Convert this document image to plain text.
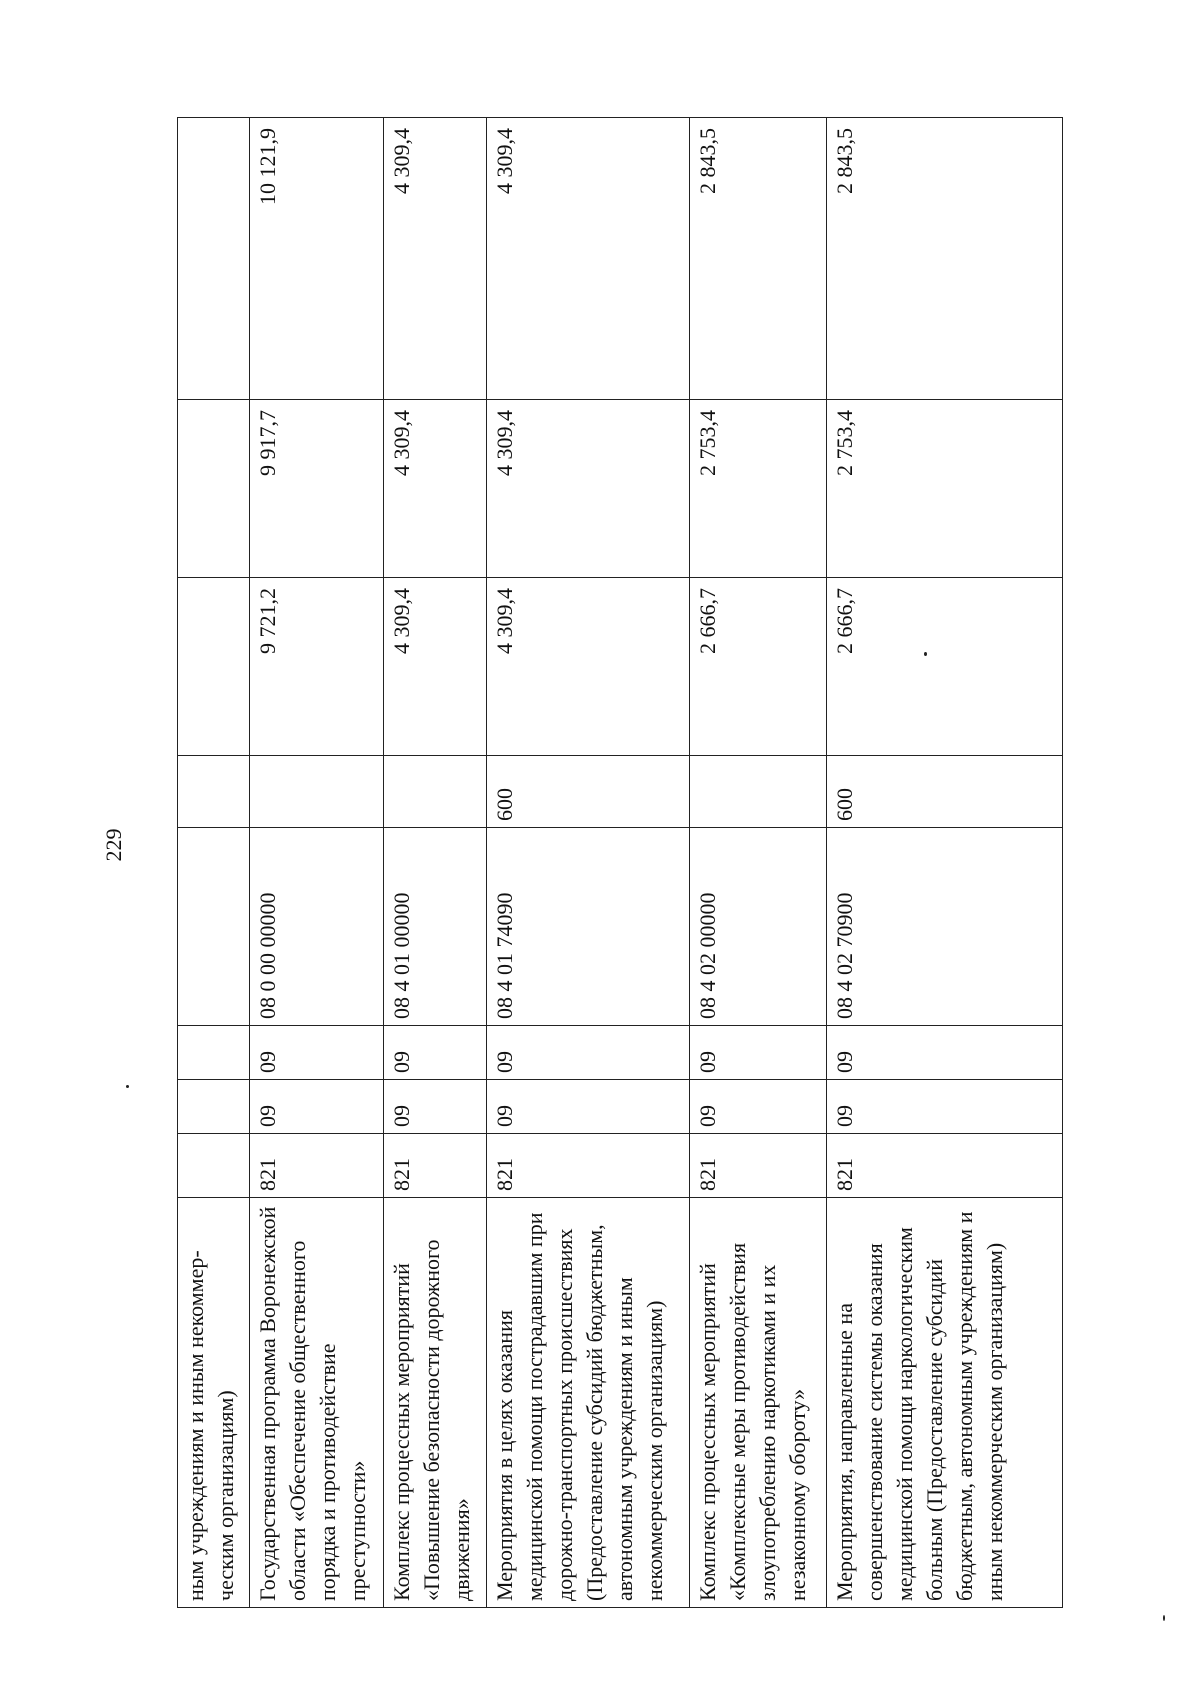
229
ным учреждениям и иным некоммер-ческим организациям)								
Государственная программа Воронежской области «Обеспечение общественного порядка и противодействие преступности»	821	09	09	08 0 00 00000		9 721,2	9 917,7	10 121,9
Комплекс процессных мероприятий «Повышение безопасности дорожного движения»	821	09	09	08 4 01 00000		4 309,4	4 309,4	4 309,4
Мероприятия в целях оказания медицинской помощи пострадавшим при дорожно-транспортных происшествиях (Предоставление субсидий бюджетным, автономным учреждениям и иным некоммерческим организациям)	821	09	09	08 4 01 74090	600	4 309,4	4 309,4	4 309,4
Комплекс процессных мероприятий «Комплексные меры противодействия злоупотреблению наркотиками и их незаконному обороту»	821	09	09	08 4 02 00000		2 666,7	2 753,4	2 843,5
Мероприятия, направленные на совершенствование системы оказания медицинской помощи наркологическим больным (Предоставление субсидий бюджетным, автономным учреждениям и иным некоммерческим организациям)	821	09	09	08 4 02 70900	600	2 666,7	2 753,4	2 843,5
